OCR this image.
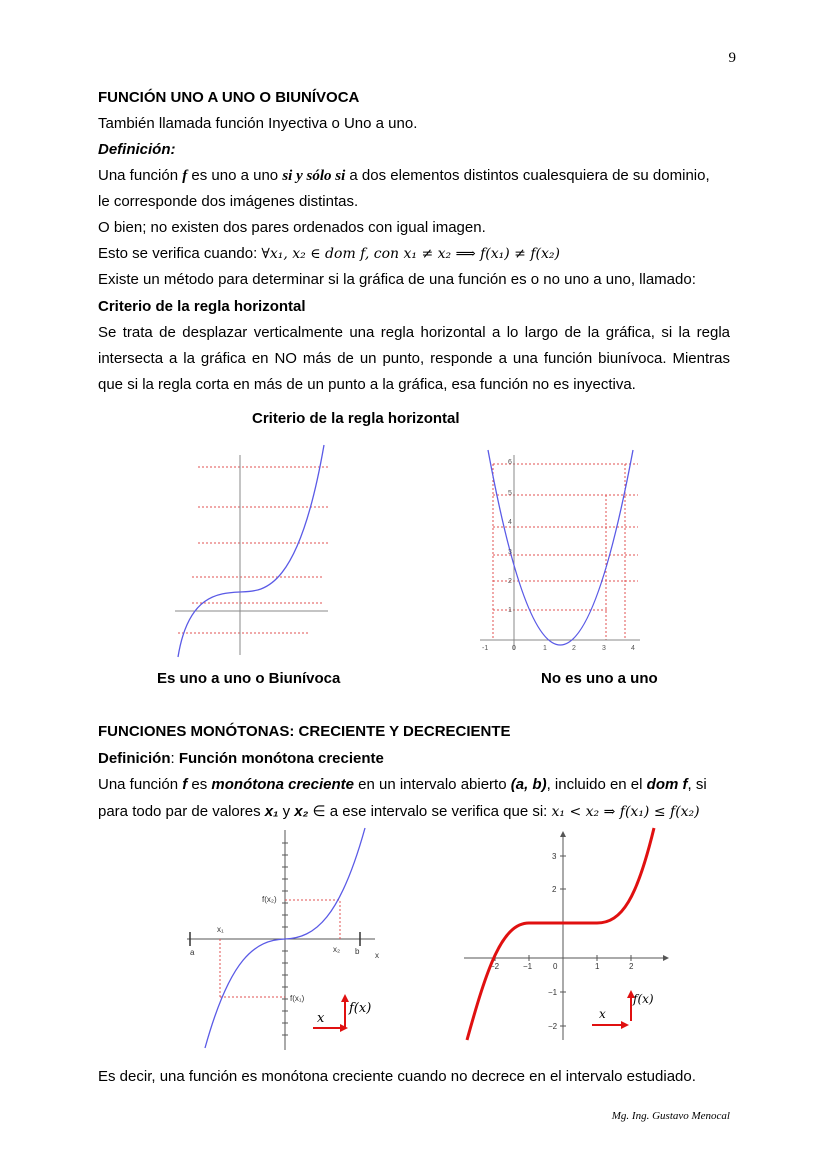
9
FUNCIÓN UNO A UNO O BIUNÍVOCA
También llamada función Inyectiva o Uno a uno.
Definición:
Una función f es uno a uno si y sólo si a dos elementos distintos cualesquiera de su dominio,
le corresponde dos imágenes distintas.
O bien; no existen dos pares ordenados con igual imagen.
Esto se verifica cuando: ∀x₁, x₂ ∈ dom f, con x₁ ≠ x₂ ⟹ f(x₁) ≠ f(x₂)
Existe un método para determinar si la gráfica de una función es o no uno a uno, llamado:
Criterio de la regla horizontal
Se trata de desplazar verticalmente una regla horizontal a lo largo de la gráfica, si la regla
intersecta a la gráfica en NO más de un punto, responde a una función biunívoca. Mientras
que si la regla corta en más de un punto a la gráfica, esa función no es inyectiva.
Criterio de la regla horizontal
6
5
4
3
2
1
-1	0	1	2	3	4
Es uno a uno o Biunívoca	No es uno a uno
FUNCIONES MONÓTONAS: CRECIENTE Y DECRECIENTE
Definición: Función monótona creciente
Una función f es monótona creciente en un intervalo abierto (a, b), incluido en el dom f, si
para todo par de valores x₁ y x₂ ∈ a ese intervalo se verifica que si: x₁ < x₂ ⇒ f(x₁) ≤ f(x₂)
a	b x
x₁
x₂
f(x₂)
f(x₁)
x
f(x)
3
2
−1
−2
−2	−1	0	1	2
x
f(x)
Es decir, una función es monótona creciente cuando no decrece en el intervalo estudiado.
Mg. Ing. Gustavo Menocal
